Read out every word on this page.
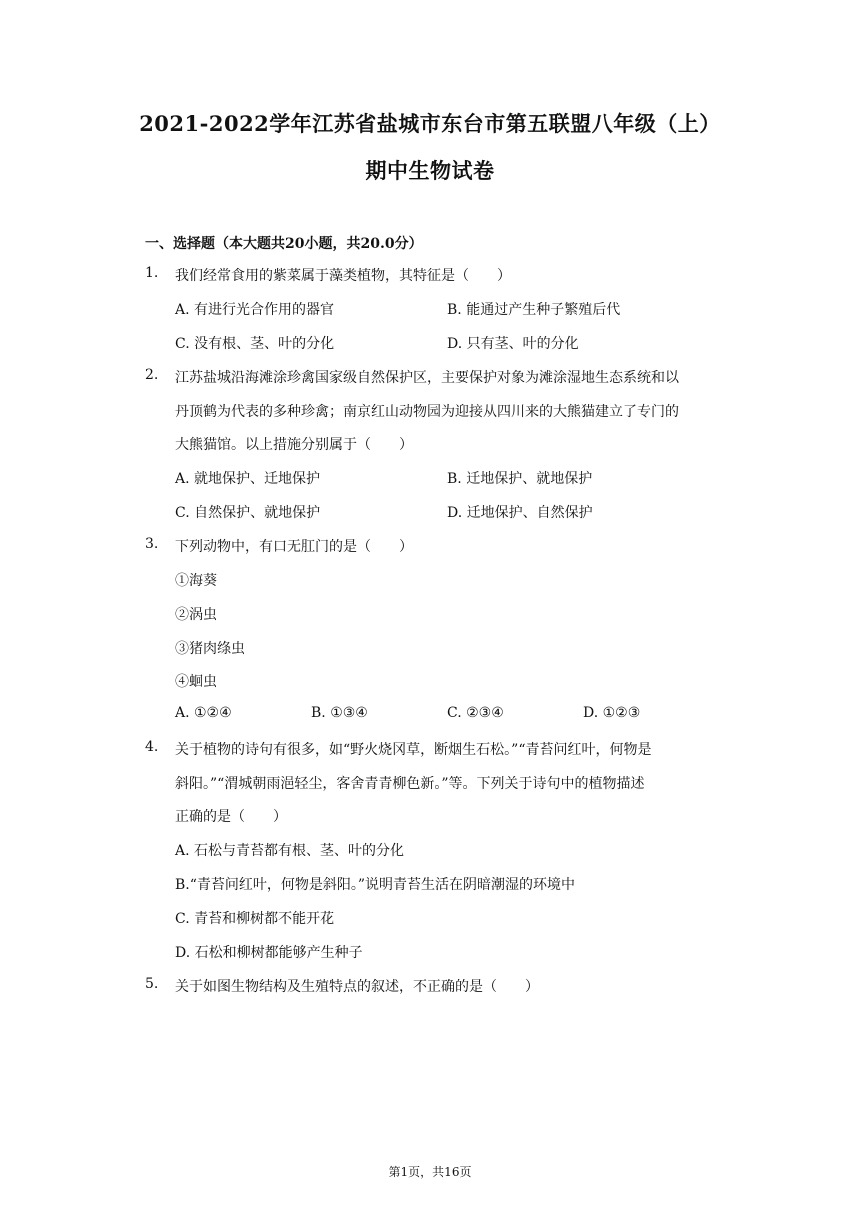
2021-2022学年江苏省盐城市东台市第五联盟八年级（上）
期中生物试卷
一、选择题（本大题共20小题，共20.0分）
1. 我们经常食用的紫菜属于藻类植物，其特征是（　　）
A. 有进行光合作用的器官	B. 能通过产生种子繁殖后代
C. 没有根、茎、叶的分化	D. 只有茎、叶的分化
2. 江苏盐城沿海滩涂珍禽国家级自然保护区，主要保护对象为滩涂湿地生态系统和以
丹顶鹤为代表的多种珍禽；南京红山动物园为迎接从四川来的大熊猫建立了专门的
大熊猫馆。以上措施分别属于（　　）
A. 就地保护、迁地保护	B. 迁地保护、就地保护
C. 自然保护、就地保护	D. 迁地保护、自然保护
3. 下列动物中，有口无肛门的是（　　）
①海葵
②涡虫
③猪肉绦虫
④蛔虫
A. ①②④	B. ①③④	C. ②③④	D. ①②③
4. 关于植物的诗句有很多，如“野火烧冈草，断烟生石松。”“青苔问红叶，何物是
斜阳。”“渭城朝雨浥轻尘，客舍青青柳色新。”等。下列关于诗句中的植物描述
正确的是（　　）
A. 石松与青苔都有根、茎、叶的分化
B.“青苔问红叶，何物是斜阳。”说明青苔生活在阴暗潮湿的环境中
C. 青苔和柳树都不能开花
D. 石松和柳树都能够产生种子
5. 关于如图生物结构及生殖特点的叙述，不正确的是（　　）
第1页，共16页
